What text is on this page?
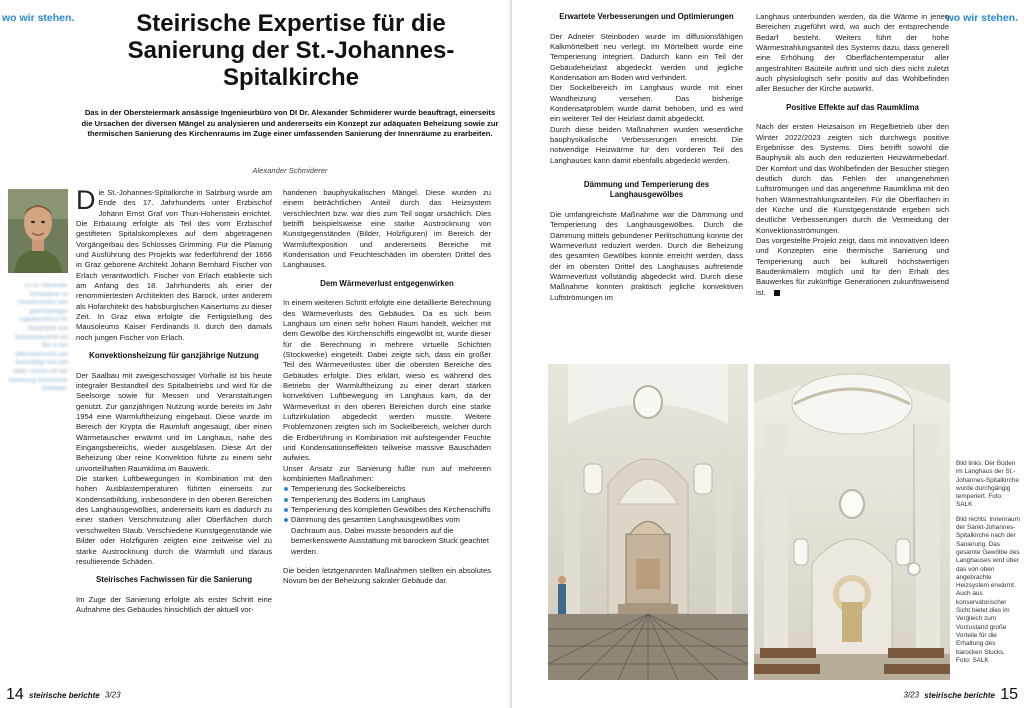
wo wir stehen.	Steirische Expertise für die Sanierung der St.-Johannes-Spitalkirche
Das in der Obersteiermark ansässige Ingenieurbüro von DI Dr. Alexander Schmiderer wurde beauftragt, einerseits die Ursachen der diversen Mängel zu analysieren und andererseits ein Konzept zur adäquaten Beheizung sowie zur thermischen Sanierung des Kirchenraums im Zuge einer umfassenden Sanierung der Innenräume zu erarbeiten.
Alexander Schmiderer
DI Dr. Alexander Schmiderer ist Gesellschafter des gleichnamigen Ingenieurbüros für Bauphysik und Gebäudetechnik mit Sitz in der Obersteiermark und beschäftigt sich seit vielen Jahren mit der Sanierung historischer Gebäude.

Die St.-Johannes-Spitalkirche in Salzburg wurde am Ende des 17. Jahrhunderts unter Erzbischof Johann Ernst Graf von Thun-Hohenstein errichtet. Die Erbauung erfolgte als Teil des vom Erzbischof gestifteten Spitalskomplexes auf dem abgetragenen Vorgängerbau des Schlosses Grimming. Für die Planung und Ausführung des Projekts war federführend der 1656 in Graz geborene Architekt Johann Bernhard Fischer von Erlach verantwortlich. Fischer von Erlach etablierte sich am Anfang des 18. Jahrhunderts als einer der renommiertesten Architekten des Barock, unter anderem als Hofarchitekt des habsburgischen Kaisertums zu dieser Zeit. In Graz etwa erfolgte die Fertigstellung des Mausoleums Kaiser Ferdinands II. durch den damals noch jungen Fischer von Erlach.

Konvektionsheizung für ganzjährige Nutzung

Der Saalbau mit zweigeschossiger Vorhalle ist bis heute integraler Bestandteil des Spitalbetriebs und wird für die Seelsorge sowie für Messen und Veranstaltungen genutzt. Zur ganzjährigen Nutzung wurde bereits im Jahr 1954 eine Warmluftheizung eingebaut. Diese wurde im Bereich der Krypta die Raumluft angesaugt, über einen Wärmetauscher erwärmt und im Langhaus, nahe des Eingangsbereichs, wieder ausgeblasen. Diese Art der Beheizung über reine Konvektion führte zu einem sehr unvorteilhaften Raumklima im Bauwerk.

Die starken Luftbewegungen in Kombination mit den hohen Ausblastemperaturen führten einerseits zur Kondensatbildung, insbesondere in den oberen Bereichen des Langhausgewölbes, andererseits kam es dadurch zu einer starken Verschmutzung aller Oberflächen durch verschwelten Staub. Verschiedene Kunstgegenstände wie Bilder oder Holzfiguren zeigten eine zeitweise viel zu starke Austrocknung durch die Warmluft und daraus resultierende Schäden.

Steirisches Fachwissen für die Sanierung

Im Zuge der Sanierung erfolgte als erster Schritt eine Aufnahme des Gebäudes hinsichtlich der aktuell vor-

handenen bauphysikalischen Mängel. Diese wurden zu einem beträchtlichen Anteil durch das Heizsystem verschlechtert bzw. war dies zum Teil sogar ursächlich. Dies betrifft beispielsweise eine starke Austrocknung von Kunstgegenständen (Bilder, Holzfiguren) im Bereich der Warmluftexposition und andererseits Bereiche mit Kondensation und Feuchteschäden im obersten Drittel des Langhauses.

Dem Wärmeverlust entgegenwirken

In einem weiteren Schritt erfolgte eine detaillierte Berechnung des Wärmeverlusts des Gebäudes. Da es sich beim Langhaus um einen sehr hohen Raum handelt, welcher mit dem Gewölbe des Kirchenschiffs eingewölbt ist, wurde dieser für die Berechnung in mehrere virtuelle Schichten (Stockwerke) eingeteilt. Dabei zeigte sich, dass ein großer Teil des Wärmeverlustes über die obersten Bereiche des Gebäudes erfolgte. Dies erklärt, wieso es während des Betriebs der Warmluftheizung zu einer derart starken konvektiven Luftbewegung im Langhaus kam, da der Wärmeverlust in den oberen Bereichen durch eine starke Luftzirkulation abgedeckt werden musste. Weitere Problemzonen zeigten sich im Sockelbereich, welcher durch die Erdberührung in Kombination mit aufsteigender Feuchte und Kondensationseffekten teilweise massive Bauschäden aufwies.

Unser Ansatz zur Sanierung fußte nun auf mehreren kombinierten Maßnahmen:

Temperierung des Sockelbereichs
Temperierung des Bodens im Langhaus
Temperierung des kompletten Gewölbes des Kirchenschiffs
Dämmung des gesamten Langhausgewölbes vom Dachraum aus. Dabei musste besonders auf die bemerkenswerte Ausstattung mit barockem Stuck geachtet werden.

Die beiden letztgenannten Maßnahmen stellten ein absolutes Novum bei der Beheizung sakraler Gebäude dar.

14 steirische berichte 3/23
wo wir stehen.
Erwartete Verbesserungen und Optimierungen

Der Adneter Steinboden wurde im diffusionsfähigen Kalkmörtelbett neu verlegt. Im Mörtelbett wurde eine Temperierung integriert. Dadurch kann ein Teil der Gebäudeheizlast abgedeckt werden und jegliche Kondensation am Boden wird verhindert.

Der Sockelbereich im Langhaus wurde mit einer Wandheizung versehen. Das bisherige Kondensatproblem wurde damit behoben, und es wird ein weiterer Teil der Heizlast damit abgedeckt.

Durch diese beiden Maßnahmen wurden wesentliche bauphysikalische Verbesserungen erreicht. Die notwendige Heizwärme für den vorderen Teil des Langhauses kann damit ebenfalls abgedeckt werden.

Dämmung und Temperierung des Langhausgewölbes

Die umfangreichste Maßnahme war die Dämmung und Temperierung des Langhausgewölbes. Durch die Dämmung mittels gebundener Perlitschüttung konnte der Wärmeverlust reduziert werden. Durch die Beheizung des gesamten Gewölbes konnte erreicht werden, dass der im obersten Drittel des Langhauses auftretende Wärmeverlust vollständig abgedeckt wird. Durch diese Maßnahme konnten praktisch jegliche konvektiven Luftströmungen im

Langhaus unterbunden werden, da die Wärme in jenen Bereichen zugeführt wird, wo auch der entsprechende Bedarf besteht. Weiters führt der hohe Wärmestrahlungsanteil des Systems dazu, dass generell eine Erhöhung der Oberflächentemperatur aller angestrahlten Bauteile auftritt und sich dies nicht zuletzt auch physiologisch sehr positiv auf das Wohlbefinden aller Besucher der Kirche auswirkt.

Positive Effekte auf das Raumklima

Nach der ersten Heizsaison im Regelbetrieb über den Winter 2022/2023 zeigten sich durchwegs positive Ergebnisse des Systems. Dies betrifft sowohl die Bauphysik als auch den reduzierten Heizwärmebedarf. Der Komfort und das Wohlbefinden der Besucher stiegen deutlich durch das Fehlen der unangenehmen Luftströmungen und das angenehme Raumklima mit den hohen Wärmestrahlungsanteilen. Für die Oberflächen in der Kirche und die Kunstgegenstände ergeben sich deutliche Verbesserungen durch die Vermeidung der Konvektionsströmungen.

Das vorgestellte Projekt zeigt, dass mit innovativen Ideen und Konzepten eine thermische Sanierung und Temperierung auch bei kulturell höchstwertigen Baudenkmälern möglich und für den Erhalt des Bauwerkes für zukünftige Generationen zukunftsweisend ist.

Bild links: Der Boden im Langhaus der St.-Johannes-Spitalkirche wurde durchgängig temperiert. Foto: SALK

Bild rechts: Innenraum der Sankt-Johannes-Spitalkirche nach der Sanierung. Das gesamte Gewölbe des Langhauses wird über das von oben angebrachte Heizsystem erwärmt. Auch aus konservatorischer Sicht bietet dies im Vergleich zum Vorzustand große Vorteile für die Erhaltung des barocken Stucks. Foto: SALK

3/23 steirische berichte 15
